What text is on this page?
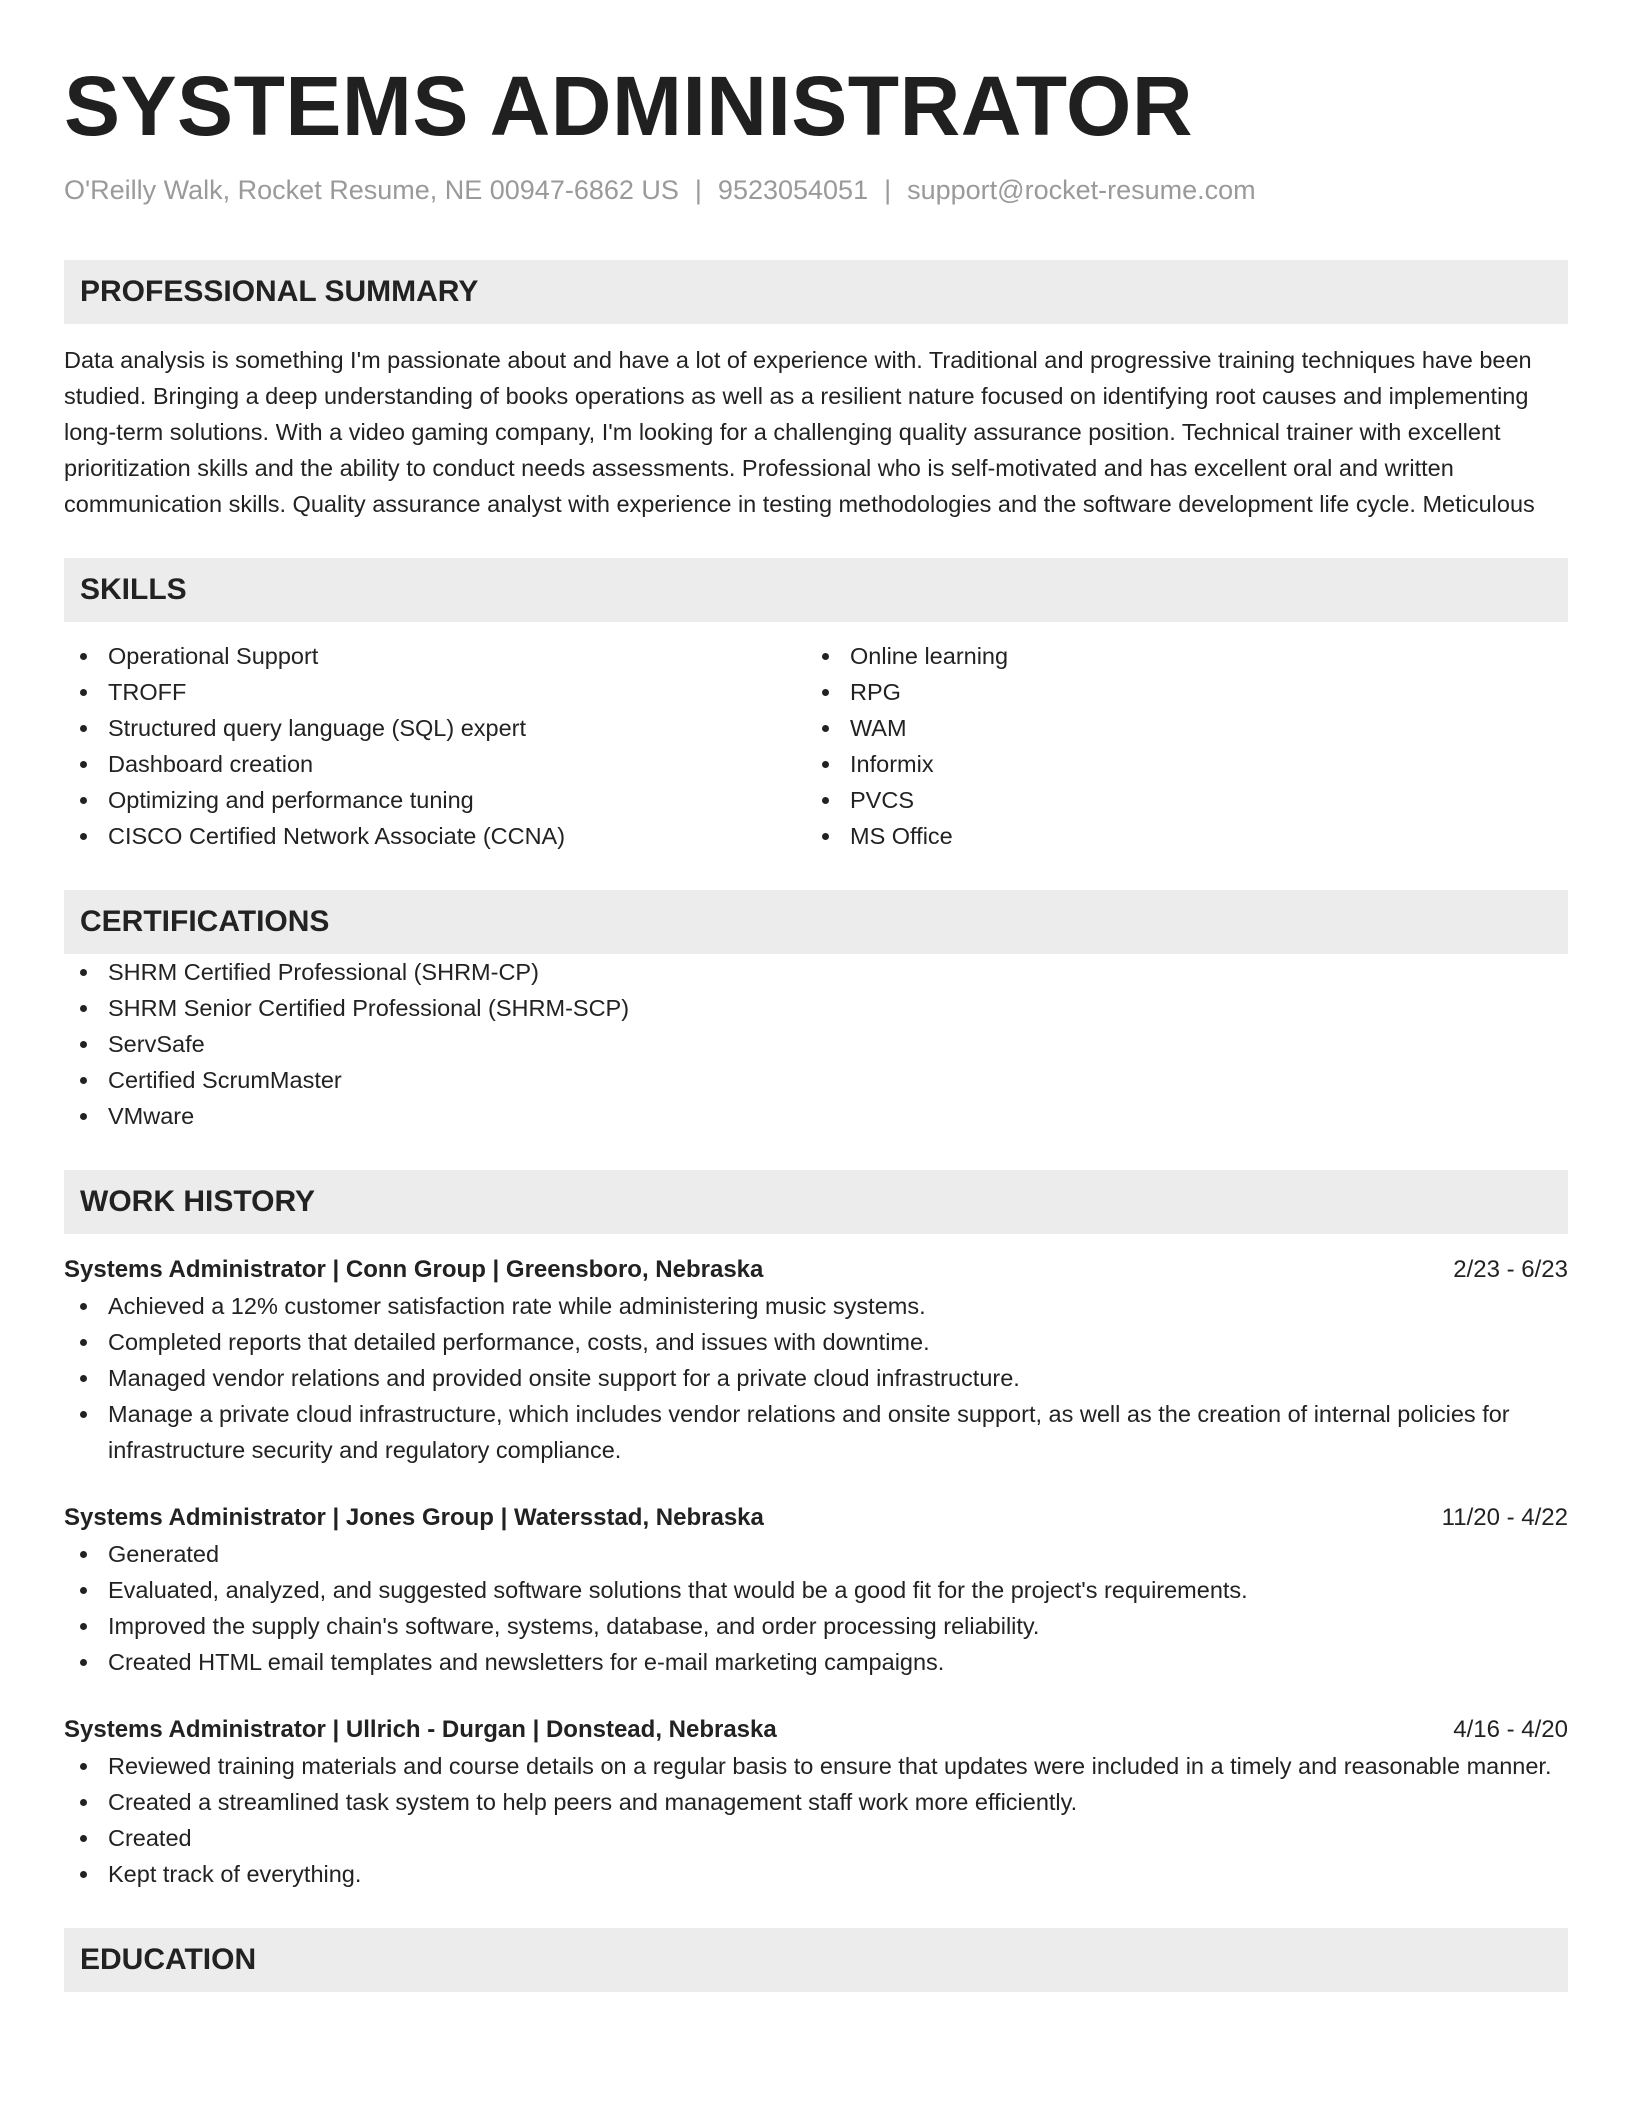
SYSTEMS ADMINISTRATOR
O'Reilly Walk, Rocket Resume, NE 00947-6862 US | 9523054051 | support@rocket-resume.com
PROFESSIONAL SUMMARY
Data analysis is something I'm passionate about and have a lot of experience with. Traditional and progressive training techniques have been studied. Bringing a deep understanding of books operations as well as a resilient nature focused on identifying root causes and implementing long-term solutions. With a video gaming company, I'm looking for a challenging quality assurance position. Technical trainer with excellent prioritization skills and the ability to conduct needs assessments. Professional who is self-motivated and has excellent oral and written communication skills. Quality assurance analyst with experience in testing methodologies and the software development life cycle. Meticulous
SKILLS
Operational Support
TROFF
Structured query language (SQL) expert
Dashboard creation
Optimizing and performance tuning
CISCO Certified Network Associate (CCNA)
Online learning
RPG
WAM
Informix
PVCS
MS Office
CERTIFICATIONS
SHRM Certified Professional (SHRM-CP)
SHRM Senior Certified Professional (SHRM-SCP)
ServSafe
Certified ScrumMaster
VMware
WORK HISTORY
Systems Administrator | Conn Group | Greensboro, Nebraska	2/23 - 6/23
Achieved a 12% customer satisfaction rate while administering music systems.
Completed reports that detailed performance, costs, and issues with downtime.
Managed vendor relations and provided onsite support for a private cloud infrastructure.
Manage a private cloud infrastructure, which includes vendor relations and onsite support, as well as the creation of internal policies for infrastructure security and regulatory compliance.
Systems Administrator | Jones Group | Watersstad, Nebraska	11/20 - 4/22
Generated
Evaluated, analyzed, and suggested software solutions that would be a good fit for the project's requirements.
Improved the supply chain's software, systems, database, and order processing reliability.
Created HTML email templates and newsletters for e-mail marketing campaigns.
Systems Administrator | Ullrich - Durgan | Donstead, Nebraska	4/16 - 4/20
Reviewed training materials and course details on a regular basis to ensure that updates were included in a timely and reasonable manner.
Created a streamlined task system to help peers and management staff work more efficiently.
Created
Kept track of everything.
EDUCATION
